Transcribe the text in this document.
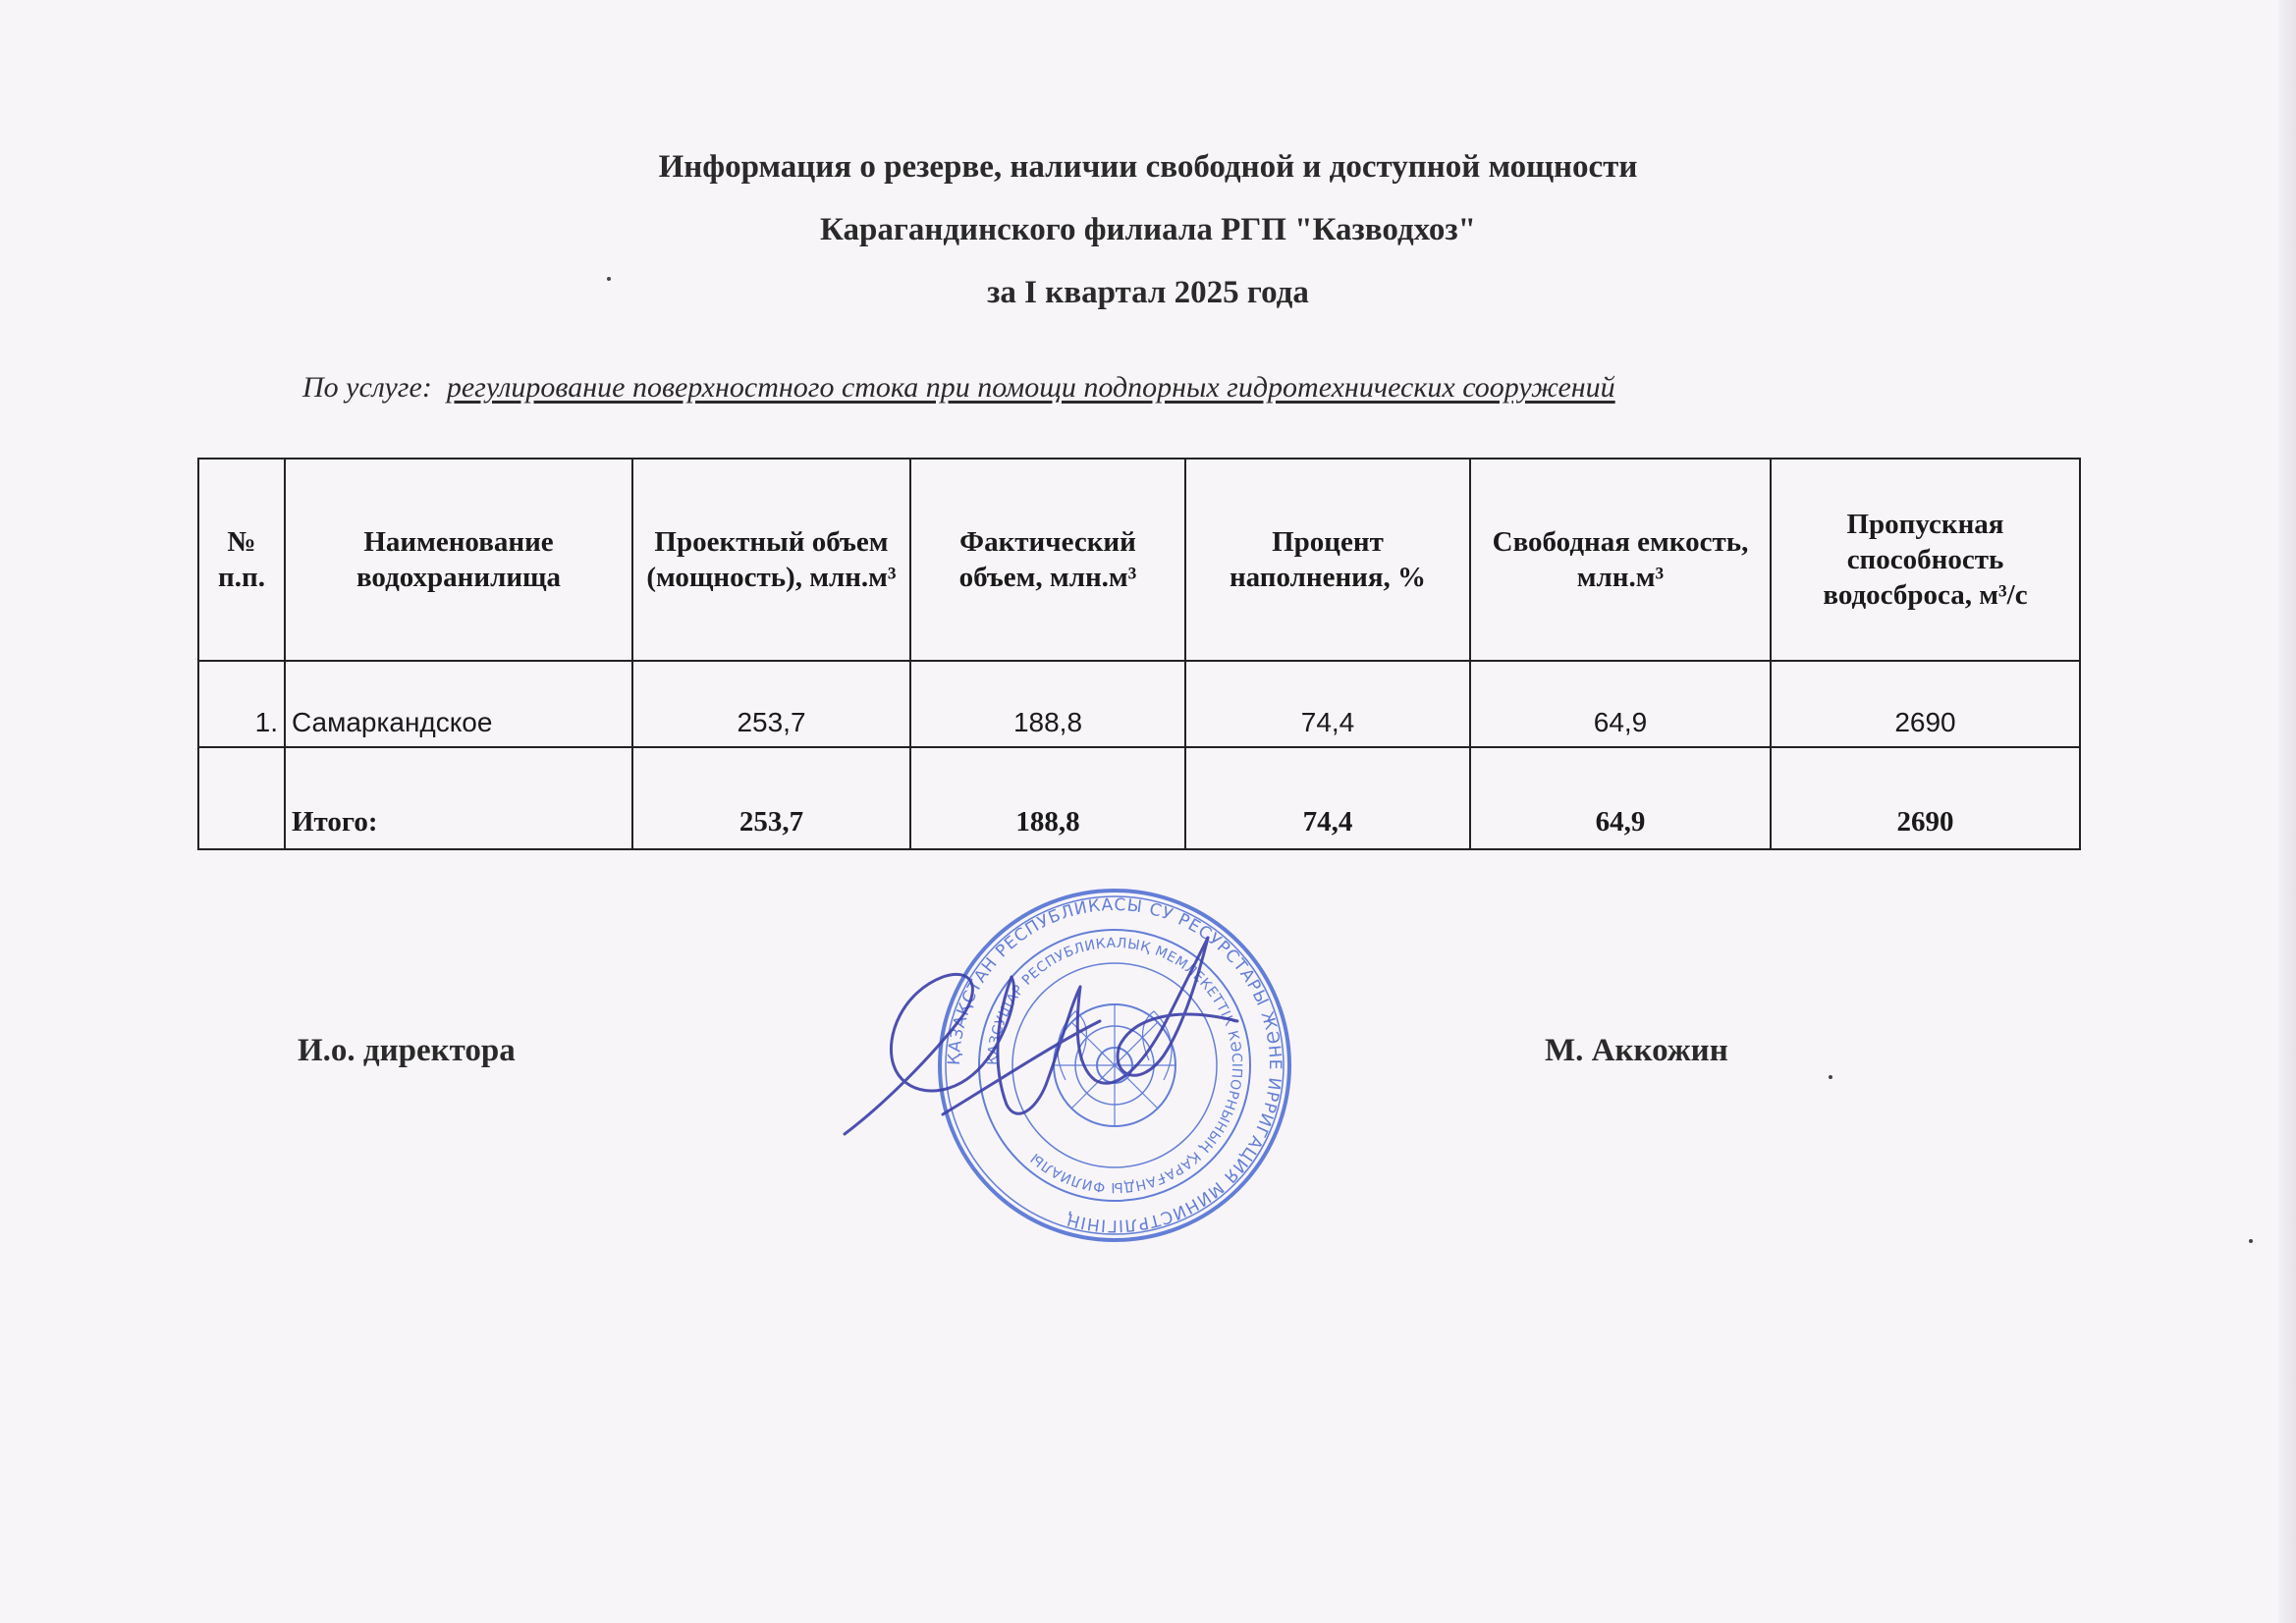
Информация о резерве, наличии свободной и доступной мощности
Карагандинского филиала РГП "Казводхоз"
за I квартал 2025 года
По услуге: регулирование поверхностного стока при помощи подпорных гидротехнических сооружений
№ п.п.	Наименование водохранилища	Проектный объем (мощность), млн.м³	Фактический объем, млн.м³	Процент наполнения, %	Свободная емкость, млн.м³	Пропускная способность водосброса, м³/с
1.	Самаркандское	253,7	188,8	74,4	64,9	2690
	Итого:	253,7	188,8	74,4	64,9	2690
И.о. директора	М. Аккожин
ҚАЗАҚСТАН РЕСПУБЛИКАСЫ СУ РЕСУРСТАРЫ ЖӘНЕ ИРРИГАЦИЯ МИНИСТРЛІГІНІҢ
ҚАЗСУШАР РЕСПУБЛИКАЛЫҚ МЕМЛЕКЕТТІК КӘСІПОРНЫНЫҢ ҚАРАҒАНДЫ ФИЛИАЛЫ
